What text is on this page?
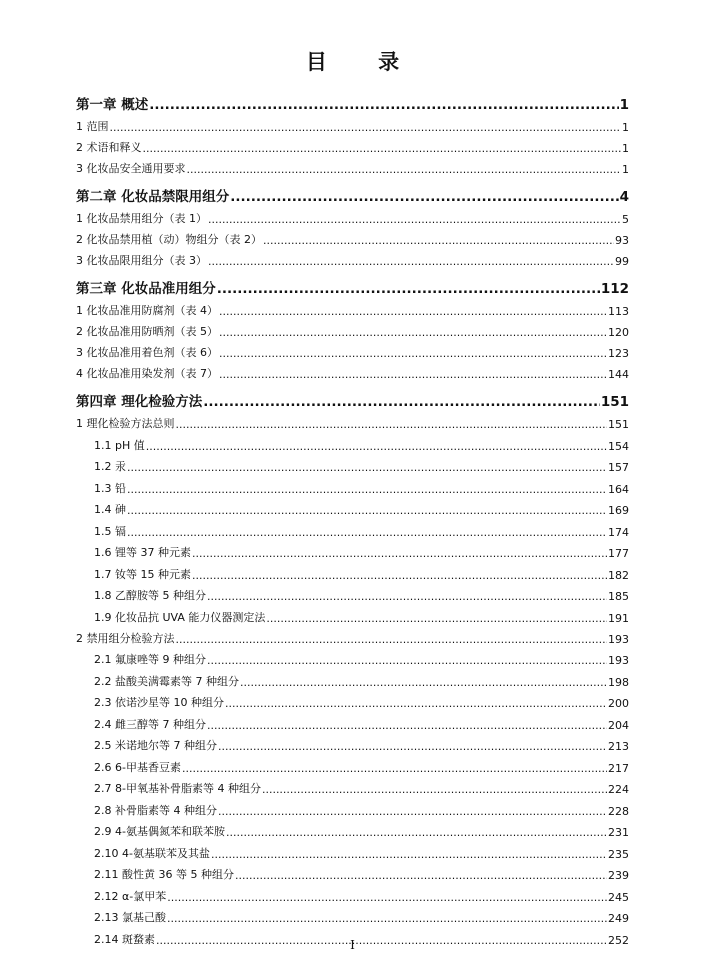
目 录
第一章 概述 .....	1
1 范围 .....	1
2 术语和释义 .....	1
3 化妆品安全通用要求 .....	1
第二章 化妆品禁限用组分 .....	4
1 化妆品禁用组分（表 1） .....	5
2 化妆品禁用植（动）物组分（表 2） .....	93
3 化妆品限用组分（表 3） .....	99
第三章 化妆品准用组分 .....	112
1 化妆品准用防腐剂（表 4） .....	113
2 化妆品准用防晒剂（表 5） .....	120
3 化妆品准用着色剂（表 6） .....	123
4 化妆品准用染发剂（表 7） .....	144
第四章 理化检验方法 .....	151
1 理化检验方法总则 .....	151
1.1 pH 值 .....	154
1.2 汞 .....	157
1.3 铅 .....	164
1.4 砷 .....	169
1.5 镉 .....	174
1.6 锂等 37 种元素 .....	177
1.7 钕等 15 种元素 .....	182
1.8 乙醇胺等 5 种组分 .....	185
1.9 化妆品抗 UVA 能力仪器测定法 .....	191
2 禁用组分检验方法 .....	193
2.1 氟康唑等 9 种组分 .....	193
2.2 盐酸美满霉素等 7 种组分 .....	198
2.3 依诺沙星等 10 种组分 .....	200
2.4 雌三醇等 7 种组分 .....	204
2.5 米诺地尔等 7 种组分 .....	213
2.6 6-甲基香豆素 .....	217
2.7 8-甲氧基补骨脂素等 4 种组分 .....	224
2.8 补骨脂素等 4 种组分 .....	228
2.9 4-氨基偶氮苯和联苯胺 .....	231
2.10 4-氨基联苯及其盐 .....	235
2.11 酸性黄 36 等 5 种组分 .....	239
2.12 α-氯甲苯 .....	245
2.13 氯基己酸 .....	249
2.14 斑蝥素 .....	252
I
